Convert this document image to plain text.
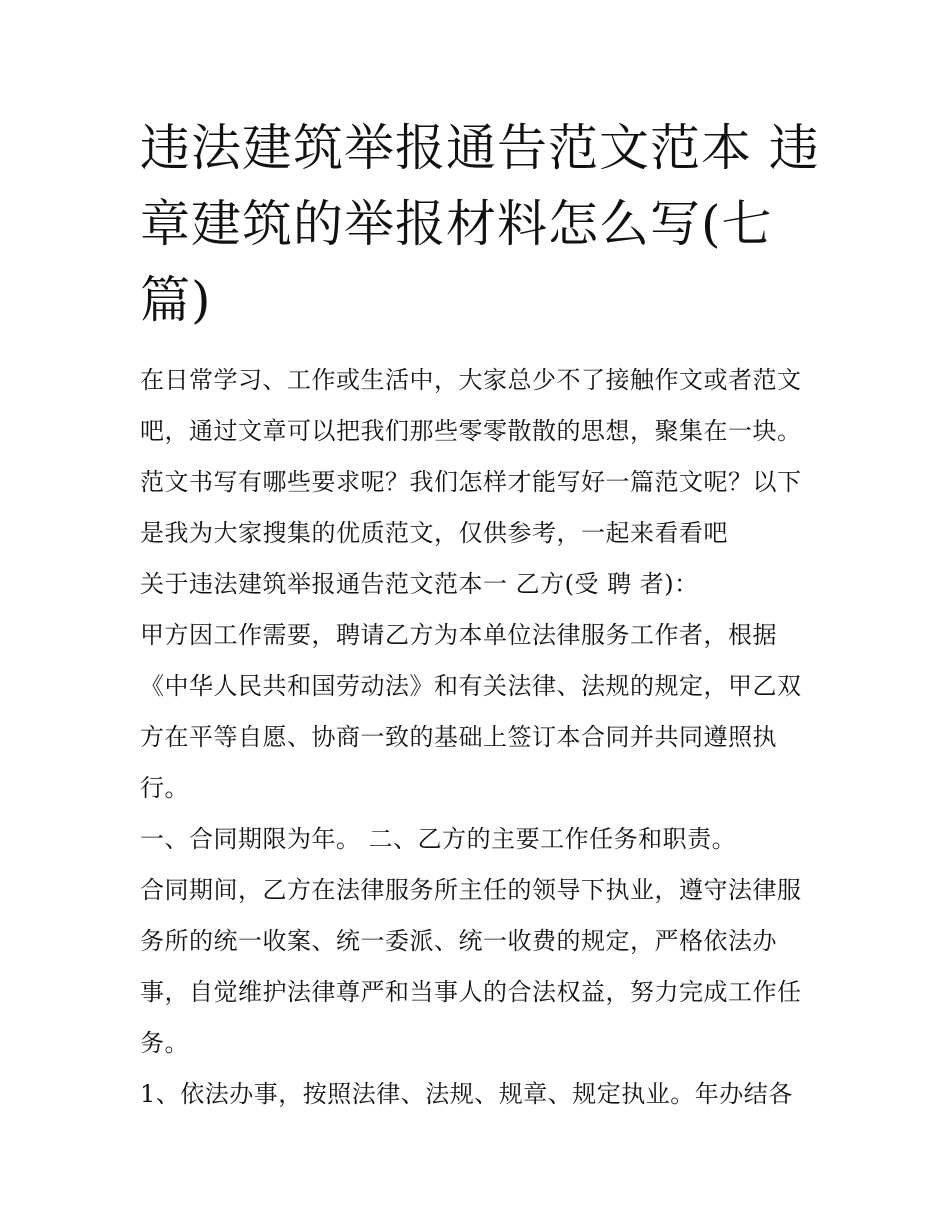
违法建筑举报通告范文范本 违章建筑的举报材料怎么写(七篇)

在日常学习、工作或生活中，大家总少不了接触作文或者范文吧，通过文章可以把我们那些零零散散的思想，聚集在一块。范文书写有哪些要求呢？我们怎样才能写好一篇范文呢？以下是我为大家搜集的优质范文，仅供参考，一起来看看吧

关于违法建筑举报通告范文范本一 乙方(受 聘 者)：

甲方因工作需要，聘请乙方为本单位法律服务工作者，根据《中华人民共和国劳动法》和有关法律、法规的规定，甲乙双方在平等自愿、协商一致的基础上签订本合同并共同遵照执行。

一、合同期限为年。 二、乙方的主要工作任务和职责。

合同期间，乙方在法律服务所主任的领导下执业，遵守法律服务所的统一收案、统一委派、统一收费的规定，严格依法办事，自觉维护法律尊严和当事人的合法权益，努力完成工作任务。

1、依法办事，按照法律、法规、规章、规定执业。年办结各
